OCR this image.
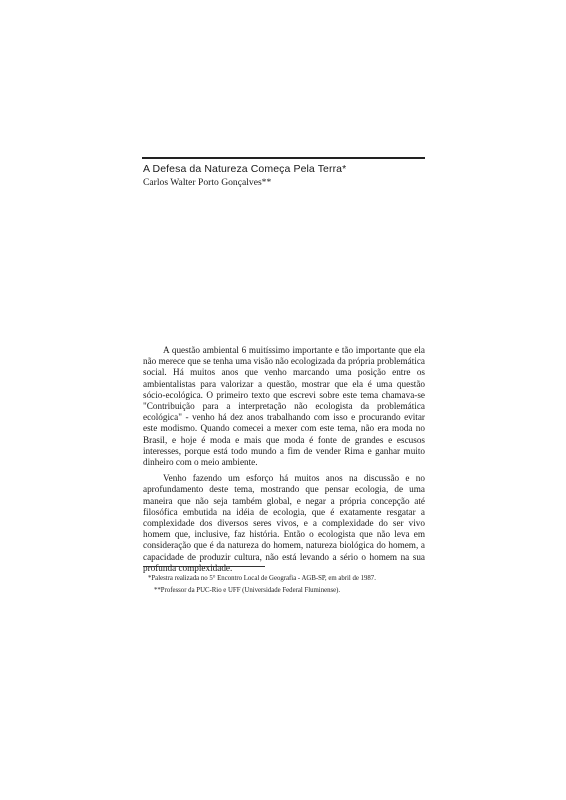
A Defesa da Natureza Começa Pela Terra*
Carlos Walter Porto Gonçalves**

A questão ambiental 6 muitíssimo importante e tão importante que ela não merece que se tenha uma visão não ecologizada da própria problemática social. Há muitos anos que venho marcando uma posição entre os ambientalistas para valorizar a questão, mostrar que ela é uma questão sócio-ecológica. O primeiro texto que escrevi sobre este tema chamava-se "Contribuição para a interpretação não ecologista da problemática ecológica" - venho há dez anos trabalhando com isso e procurando evitar este modismo. Quando comecei a mexer com este tema, não era moda no Brasil, e hoje é moda e mais que moda é fonte de grandes e escusos interesses, porque está todo mundo a fim de vender Rima e ganhar muito dinheiro com o meio ambiente.

Venho fazendo um esforço há muitos anos na discussão e no aprofundamento deste tema, mostrando que pensar ecologia, de uma maneira que não seja também global, e negar a própria concepção até filosófica embutida na idéia de ecologia, que é exatamente resgatar a complexidade dos diversos seres vivos, e a complexidade do ser vivo homem que, inclusive, faz história. Então o ecologista que não leva em consideração que é da natureza do homem, natureza biológica do homem, a capacidade de produzir cultura, não está levando a sério o homem na sua profunda complexidade.

*Palestra realizada no 5° Encontro Local de Geografia - AGB-SP, em abril de 1987.
**Professor da PUC-Rio e UFF (Universidade Federal Fluminense).
